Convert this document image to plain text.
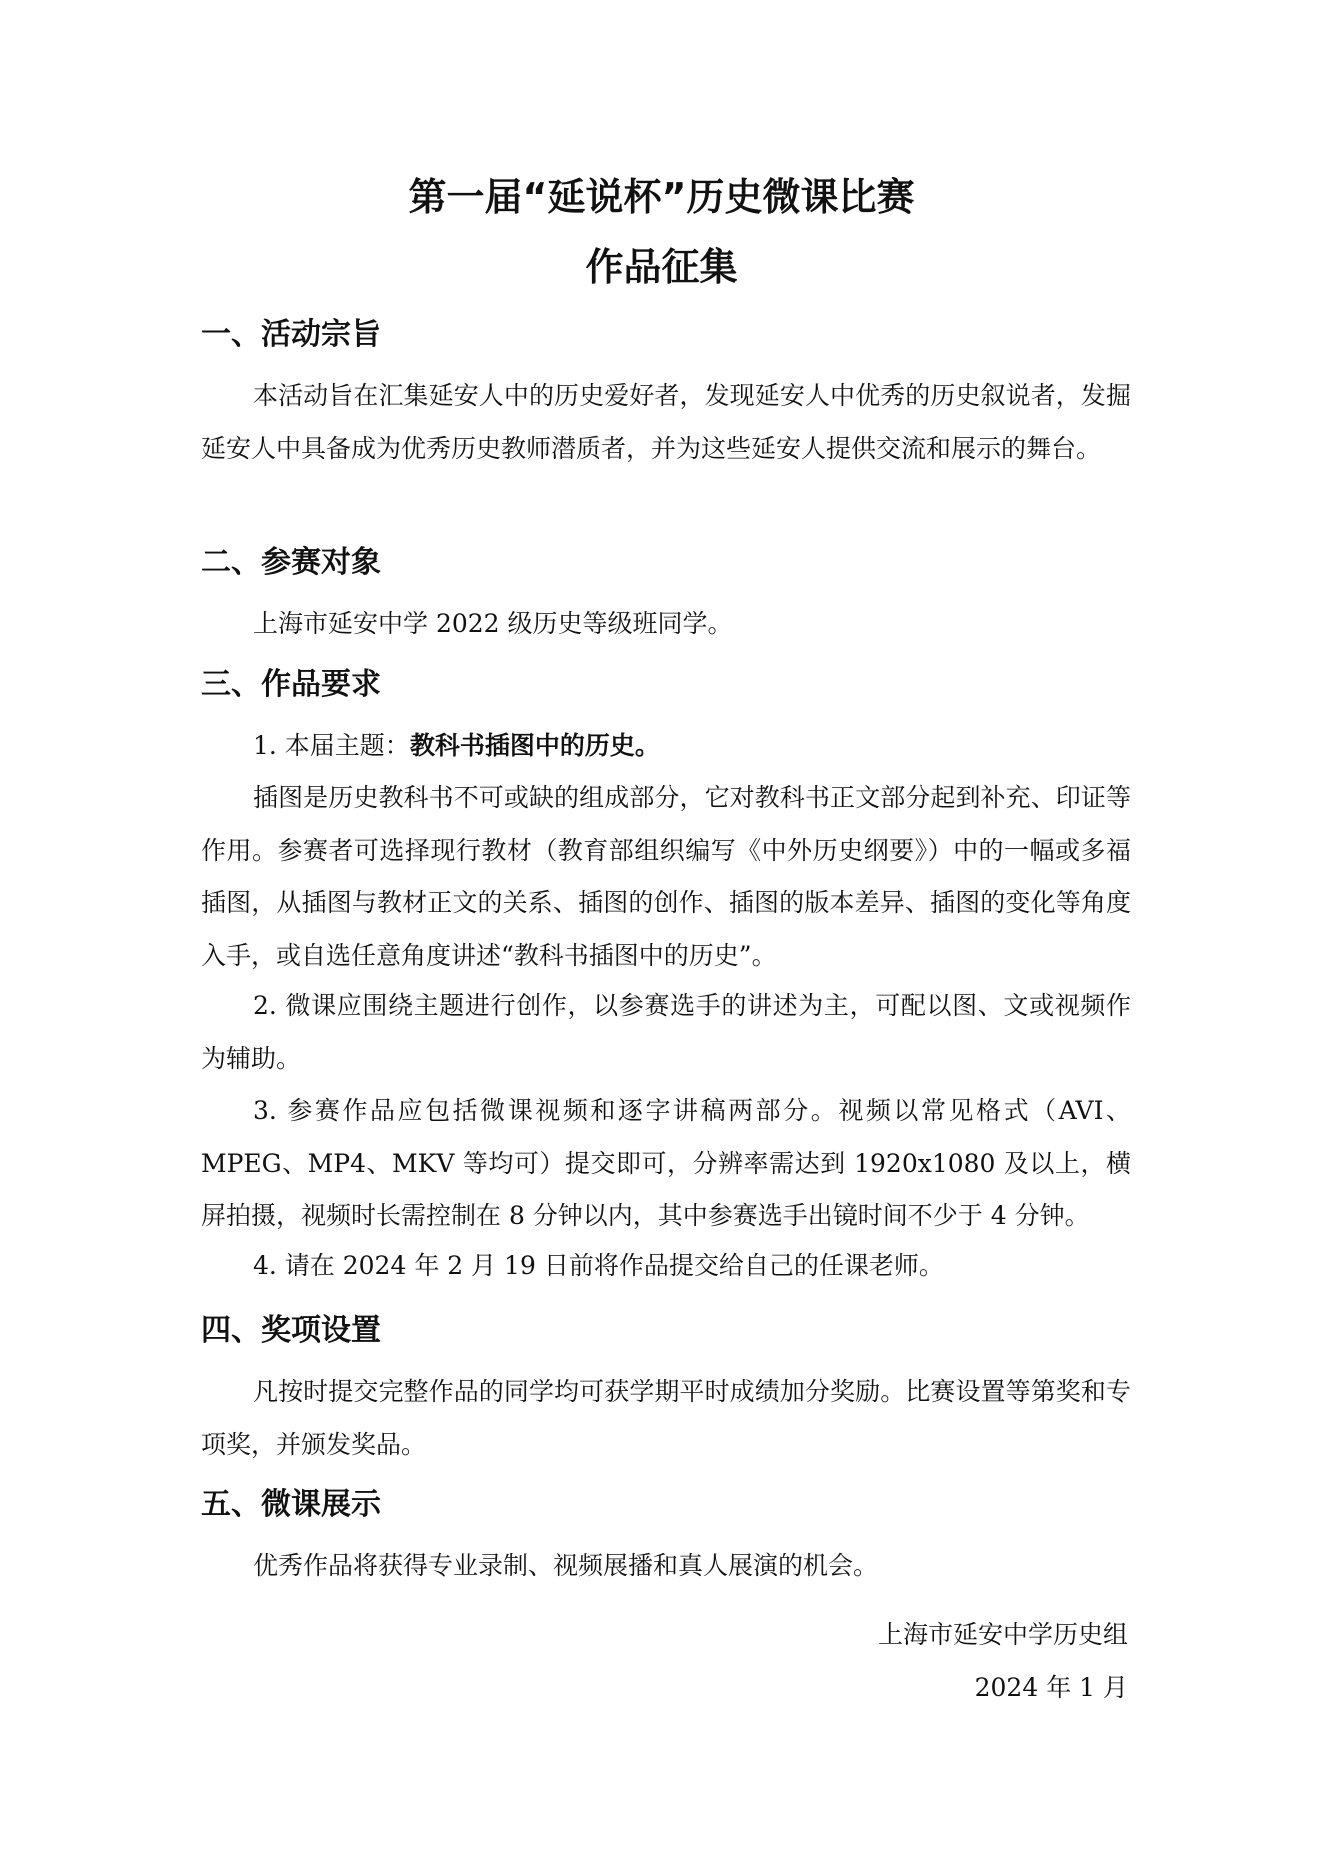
第一届“延说杯”历史微课比赛
作品征集
一、活动宗旨
本活动旨在汇集延安人中的历史爱好者，发现延安人中优秀的历史叙说者，发掘延安人中具备成为优秀历史教师潜质者，并为这些延安人提供交流和展示的舞台。
二、参赛对象
上海市延安中学 2022 级历史等级班同学。
三、作品要求
1. 本届主题：教科书插图中的历史。
插图是历史教科书不可或缺的组成部分，它对教科书正文部分起到补充、印证等作用。参赛者可选择现行教材（教育部组织编写《中外历史纲要》）中的一幅或多福插图，从插图与教材正文的关系、插图的创作、插图的版本差异、插图的变化等角度入手，或自选任意角度讲述“教科书插图中的历史”。
2. 微课应围绕主题进行创作，以参赛选手的讲述为主，可配以图、文或视频作为辅助。
3. 参赛作品应包括微课视频和逐字讲稿两部分。视频以常见格式（AVI、MPEG、MP4、MKV 等均可）提交即可，分辨率需达到 1920x1080 及以上，横屏拍摄，视频时长需控制在 8 分钟以内，其中参赛选手出镜时间不少于 4 分钟。
4. 请在 2024 年 2 月 19 日前将作品提交给自己的任课老师。
四、奖项设置
凡按时提交完整作品的同学均可获学期平时成绩加分奖励。比赛设置等第奖和专项奖，并颁发奖品。
五、微课展示
优秀作品将获得专业录制、视频展播和真人展演的机会。
上海市延安中学历史组
2024 年 1 月
